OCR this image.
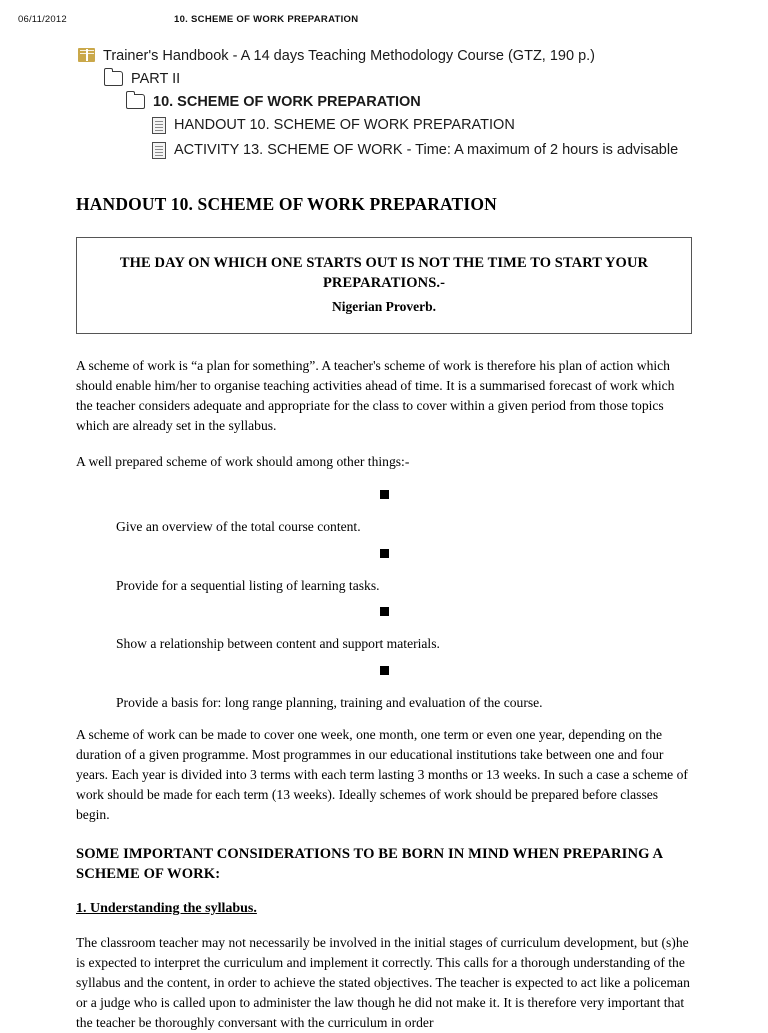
06/11/2012	10. SCHEME OF WORK PREPARATION
Trainer's Handbook - A 14 days Teaching Methodology Course (GTZ, 190 p.)
PART II
10. SCHEME OF WORK PREPARATION
HANDOUT 10. SCHEME OF WORK PREPARATION
ACTIVITY 13. SCHEME OF WORK - Time: A maximum of 2 hours is advisable
HANDOUT 10. SCHEME OF WORK PREPARATION
THE DAY ON WHICH ONE STARTS OUT IS NOT THE TIME TO START YOUR PREPARATIONS.-
Nigerian Proverb.

A scheme of work is “a plan for something”. A teacher's scheme of work is therefore his plan of action which should enable him/her to organise teaching activities ahead of time. It is a summarised forecast of work which the teacher considers adequate and appropriate for the class to cover within a given period from those topics which are already set in the syllabus.

A well prepared scheme of work should among other things:-

Give an overview of the total course content.
Provide for a sequential listing of learning tasks.
Show a relationship between content and support materials.
Provide a basis for: long range planning, training and evaluation of the course.

A scheme of work can be made to cover one week, one month, one term or even one year, depending on the duration of a given programme. Most programmes in our educational institutions take between one and four years. Each year is divided into 3 terms with each term lasting 3 months or 13 weeks. In such a case a scheme of work should be made for each term (13 weeks). Ideally schemes of work should be prepared before classes begin.

SOME IMPORTANT CONSIDERATIONS TO BE BORN IN MIND WHEN PREPARING A SCHEME OF WORK:
1. Understanding the syllabus.

The classroom teacher may not necessarily be involved in the initial stages of curriculum development, but (s)he is expected to interpret the curriculum and implement it correctly. This calls for a thorough understanding of the syllabus and the content, in order to achieve the stated objectives. The teacher is expected to act like a policeman or a judge who is called upon to administer the law though he did not make it. It is therefore very important that the teacher be thoroughly conversant with the curriculum in order
